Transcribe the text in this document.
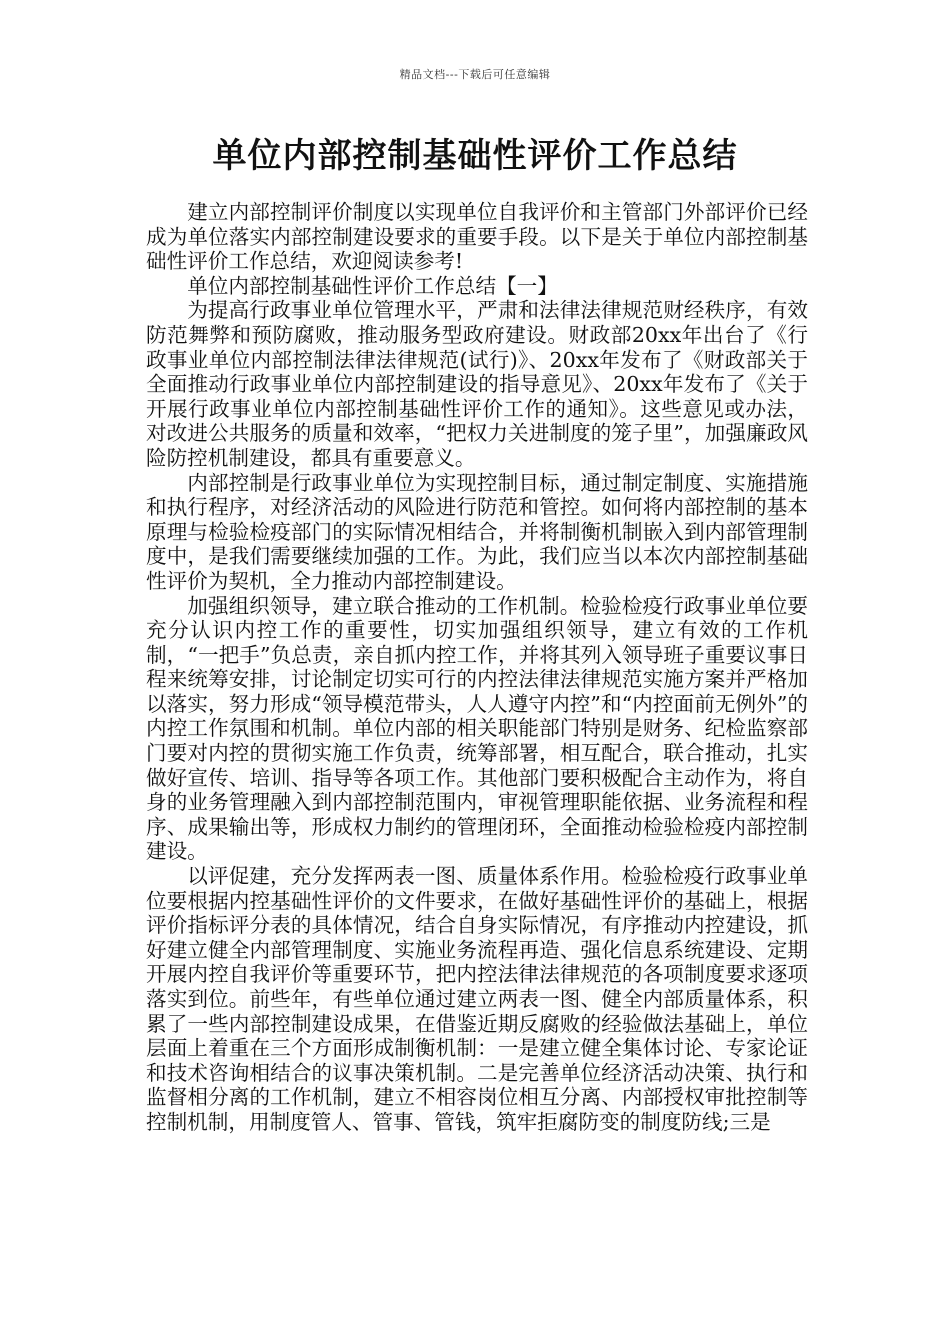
精品文档---下载后可任意编辑
单位内部控制基础性评价工作总结

建立内部控制评价制度以实现单位自我评价和主管部门外部评价已经成为单位落实内部控制建设要求的重要手段。以下是关于单位内部控制基础性评价工作总结，欢迎阅读参考!

单位内部控制基础性评价工作总结【一】

为提高行政事业单位管理水平，严肃和法律法律规范财经秩序，有效防范舞弊和预防腐败，推动服务型政府建设。财政部20xx年出台了《行政事业单位内部控制法律法律规范(试行)》、20xx年发布了《财政部关于全面推动行政事业单位内部控制建设的指导意见》、20xx年发布了《关于开展行政事业单位内部控制基础性评价工作的通知》。这些意见或办法，对改进公共服务的质量和效率，“把权力关进制度的笼子里”，加强廉政风险防控机制建设，都具有重要意义。

内部控制是行政事业单位为实现控制目标，通过制定制度、实施措施和执行程序，对经济活动的风险进行防范和管控。如何将内部控制的基本原理与检验检疫部门的实际情况相结合，并将制衡机制嵌入到内部管理制度中，是我们需要继续加强的工作。为此，我们应当以本次内部控制基础性评价为契机，全力推动内部控制建设。

加强组织领导，建立联合推动的工作机制。检验检疫行政事业单位要充分认识内控工作的重要性，切实加强组织领导，建立有效的工作机制，“一把手”负总责，亲自抓内控工作，并将其列入领导班子重要议事日程来统筹安排，讨论制定切实可行的内控法律法律规范实施方案并严格加以落实，努力形成“领导模范带头，人人遵守内控”和“内控面前无例外”的内控工作氛围和机制。单位内部的相关职能部门特别是财务、纪检监察部门要对内控的贯彻实施工作负责，统筹部署，相互配合，联合推动，扎实做好宣传、培训、指导等各项工作。其他部门要积极配合主动作为，将自身的业务管理融入到内部控制范围内，审视管理职能依据、业务流程和程序、成果输出等，形成权力制约的管理闭环，全面推动检验检疫内部控制建设。

以评促建，充分发挥两表一图、质量体系作用。检验检疫行政事业单位要根据内控基础性评价的文件要求，在做好基础性评价的基础上，根据评价指标评分表的具体情况，结合自身实际情况，有序推动内控建设，抓好建立健全内部管理制度、实施业务流程再造、强化信息系统建设、定期开展内控自我评价等重要环节，把内控法律法律规范的各项制度要求逐项落实到位。前些年，有些单位通过建立两表一图、健全内部质量体系，积累了一些内部控制建设成果，在借鉴近期反腐败的经验做法基础上，单位层面上着重在三个方面形成制衡机制：一是建立健全集体讨论、专家论证和技术咨询相结合的议事决策机制。二是完善单位经济活动决策、执行和监督相分离的工作机制，建立不相容岗位相互分离、内部授权审批控制等控制机制，用制度管人、管事、管钱，筑牢拒腐防变的制度防线;三是
